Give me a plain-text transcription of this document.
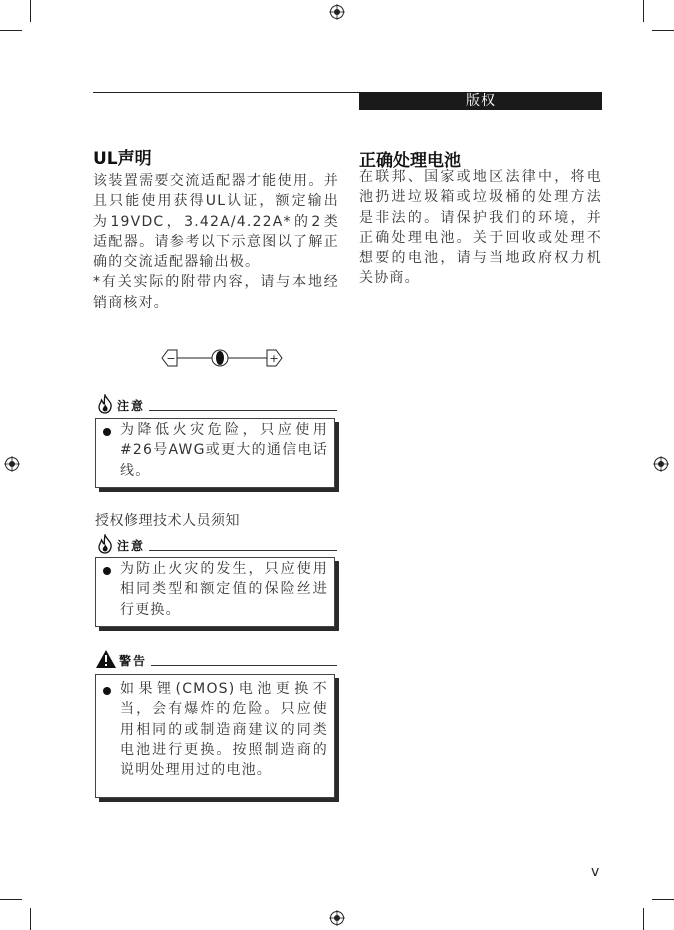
版权
UL声明

该装置需要交流适配器才能使用。并且只能使用获得UL认证，额定输出为19VDC，3.42A/4.22A*的2类适配器。请参考以下示意图以了解正确的交流适配器输出极。

*有关实际的附带内容，请与本地经销商核对。

−	+
注意
为降低火灾危险，只应使用#26号AWG或更大的通信电话线。
授权修理技术人员须知
注意
为防止火灾的发生，只应使用相同类型和额定值的保险丝进行更换。
警告
如果锂(CMOS)电池更换不当，会有爆炸的危险。只应使用相同的或制造商建议的同类电池进行更换。按照制造商的说明处理用过的电池。
正确处理电池
在联邦、国家或地区法律中，将电池扔进垃圾箱或垃圾桶的处理方法是非法的。请保护我们的环境，并正确处理电池。关于回收或处理不想要的电池，请与当地政府权力机关协商。
v
